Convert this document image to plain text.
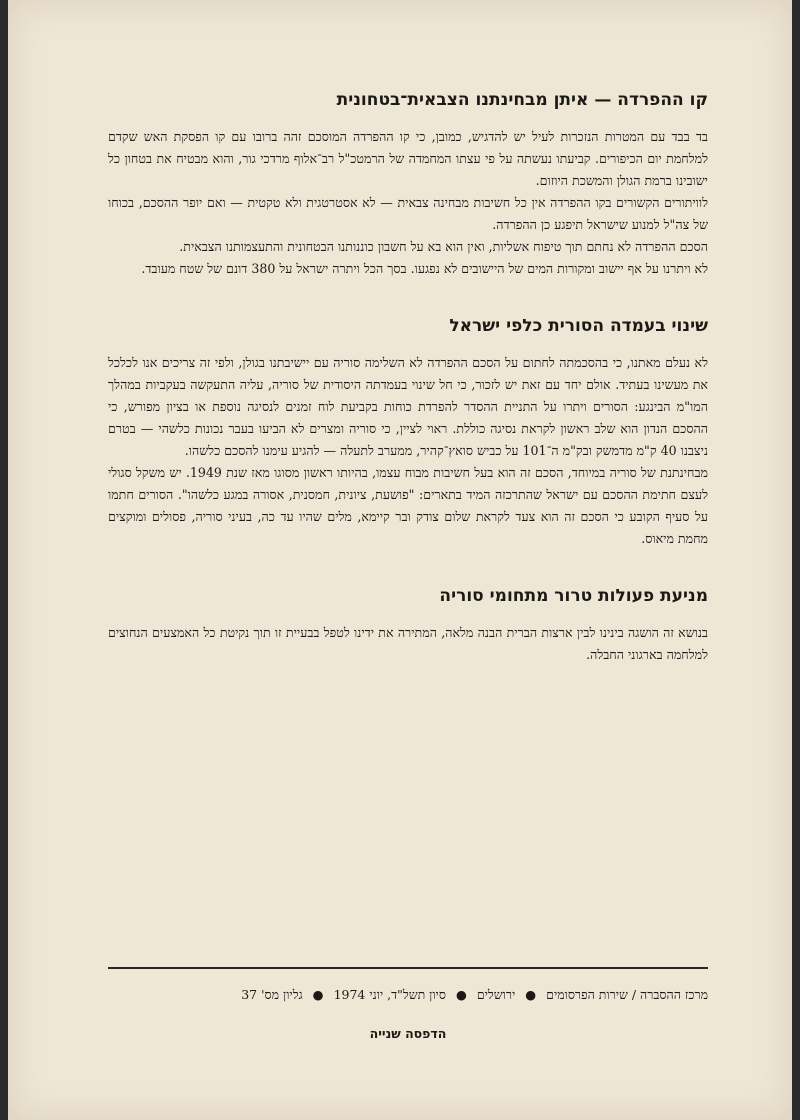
קו ההפרדה — איתן מבחינתנו הצבאית־בטחונית

בד בבד עם המטרות הנזכרות לעיל יש להדגיש, כמובן, כי קו ההפרדה המוסכם זהה ברובו עם קו הפסקת האש שקדם למלחמת יום הכיפורים. קביעתו נעשתה על פי עצתו המחמדה של הרמטכ"ל רב־אלוף מרדכי גור, והוא מבטיח את בטחון כל ישובינו ברמת הגולן והמשכת היוזום.

לוויתורים הקשורים בקו ההפרדה אין כל חשיבות מבחינה צבאית — לא אסטרטגית ולא טקטית — ואם יופר ההסכם, בכוחו של צה"ל למנוע שישראל תיפגע כן ההפרדה.

הסכם ההפרדה לא נחתם תוך טיפוח אשליות, ואין הוא בא על חשבון כוננותנו הבטחונית והתעצמותנו הצבאית.

לא ויתרנו על אף יישוב ומקורות המים של היישובים לא נפגעו. בסך הכל ויתרה ישראל על 380 דונם של שטח מעובד.

שינוי בעמדה הסורית כלפי ישראל

לא נעלם מאתנו, כי בהסכמתה לחתום על הסכם ההפרדה לא השלימה סוריה עם יישיבתנו בגולן, ולפי זה צריכים אנו לכלכל את מעשינו בעתיד. אולם יחד עם זאת יש לזכור, כי חל שינוי בעמדתה היסודית של סוריה, עליה התעקשה בעקביות במהלך המו"מ הבינגע: הסורים ויתרו על התניית ההסדר להפרדת כוחות בקביעת לוח זמנים לנסיגה נוספת או בציון מפורש, כי ההסכם הנדון הוא שלב ראשון לקראת נסיגה כוללת. ראוי לציין, כי סוריה ומצרים לא הביעו בעבר נכונות כלשהי — בטרם ניצבנו 40 ק"מ מדמשק ובק"מ ה־101 על כביש סואץ־קהיר, ממערב לתעלה — להגיע עימנו להסכם כלשהו.

מבחינתנת של סוריה במיוחד, הסכם זה הוא בעל חשיבות מבוח עצמו, בהיותו ראשון מסוגו מאז שנת 1949. יש משקל סגולי לעצם חתימת ההסכם עם ישראל שהתרכזה המיד בתארים: "פושעת, ציונית, חמסנית, אסורה במגע כלשהו". הסורים חתמו על סעיף הקובע כי הסכם זה הוא צעד לקראת שלום צודק ובר קיימא, מלים שהיו עד כה, בעיני סוריה, פסולים ומוקצים מחמת מיאוס.

מניעת פעולות טרור מתחומי סוריה

בנושא זה הושגה בינינו לבין ארצות הברית הבנה מלאה, המתירה את ידינו לטפל בבעיית זו תוך נקיטת כל האמצעים הנחוצים למלחמה בארגוני החבלה.

מרכז ההסברה / שירות הפרסומים ● ירושלים ● סיון תשל"ד, יוני 1974 ● גליון מס' 37
הדפסה שנייה
